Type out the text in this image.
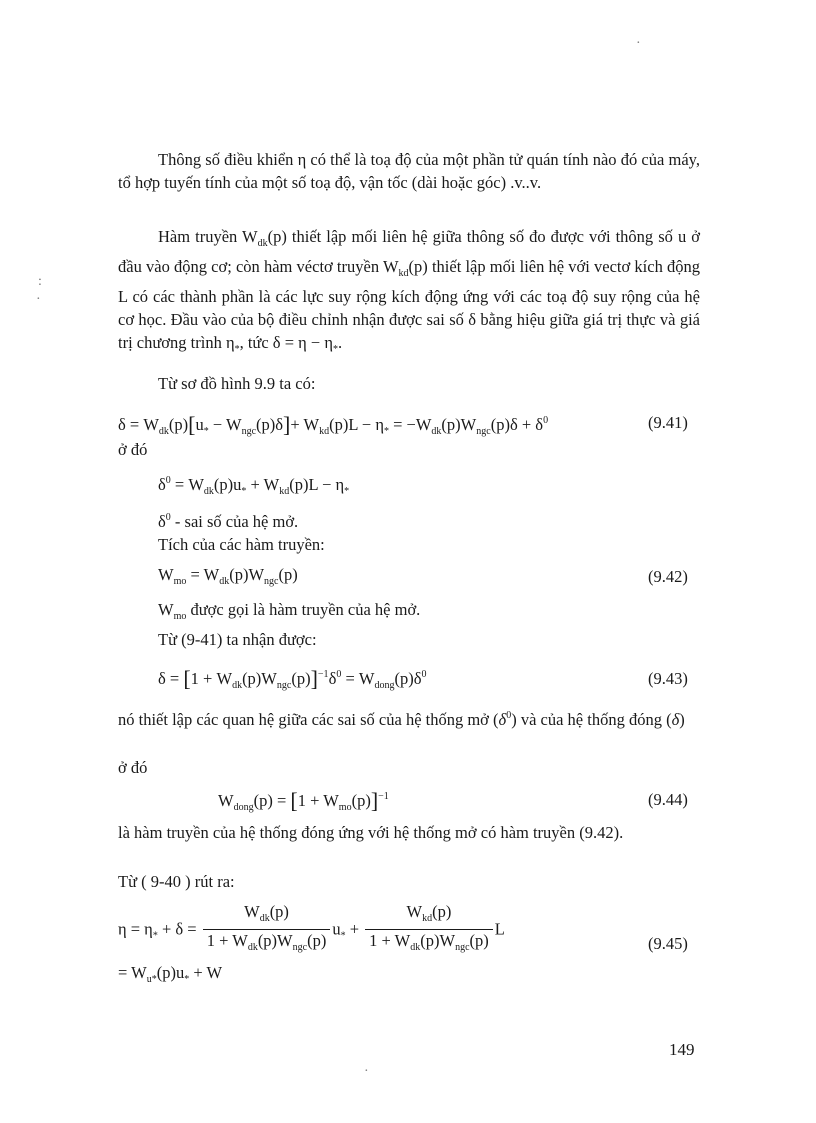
·
:
·
Thông số điều khiển η có thể là toạ độ của một phần tử quán tính nào đó của máy, tổ hợp tuyến tính của một số toạ độ, vận tốc (dài hoặc góc) .v..v.
Hàm truyền $W_{dk}(p)$ thiết lập mối liên hệ giữa thông số đo được với thông số u ở đầu vào động cơ; còn hàm véctơ truyền $W_{kd}(p)$ thiết lập mối liên hệ với vectơ kích động L có các thành phần là các lực suy rộng kích động ứng với các toạ độ suy rộng của hệ cơ học. Đầu vào của bộ điều chỉnh nhận được sai số δ bằng hiệu giữa giá trị thực và giá trị chương trình $\eta_*$, tức $\delta = \eta - \eta_*$.
Từ sơ đồ hình 9.9 ta có:
$\delta = W_{dk}(p)[u_* - W_{ngc}(p)\delta]+ W_{kd}(p)L - \eta_* = -W_{dk}(p)W_{ngc}(p)\delta + \delta^0$	(9.41)
ở đó
$\delta^0 = W_{dk}(p)u_* + W_{kd}(p)L - \eta_*$
$\delta^0$ - sai số của hệ mở.
Tích của các hàm truyền:
$W_{mo} = W_{dk}(p)W_{ngc}(p)$	(9.42)
$W_{mo}$ được gọi là hàm truyền của hệ mở.
Từ (9-41) ta nhận được:
$\delta = [1 + W_{dk}(p)W_{ngc}(p)]^{-1}\delta^0 = W_{dong}(p)\delta^0$	(9.43)
nó thiết lập các quan hệ giữa các sai số của hệ thống mở $(\delta^0)$ và của hệ thống đóng (δ)
ở đó
$W_{dong}(p) = [1 + W_{mo}(p)]^{-1}$	(9.44)
là hàm truyền của hệ thống đóng ứng với hệ thống mở có hàm truyền (9.42).
Từ ( 9-40 ) rút ra:
$\eta = \eta_* + \delta = \frac{W_{dk}(p)}{1 + W_{dk}(p)W_{ngc}(p)} u_* + \frac{W_{kd}(p)}{1 + W_{dk}(p)W_{ngc}(p)}$ L
(9.45)
= $W_{u*}(p)u_* + W$
·
149
